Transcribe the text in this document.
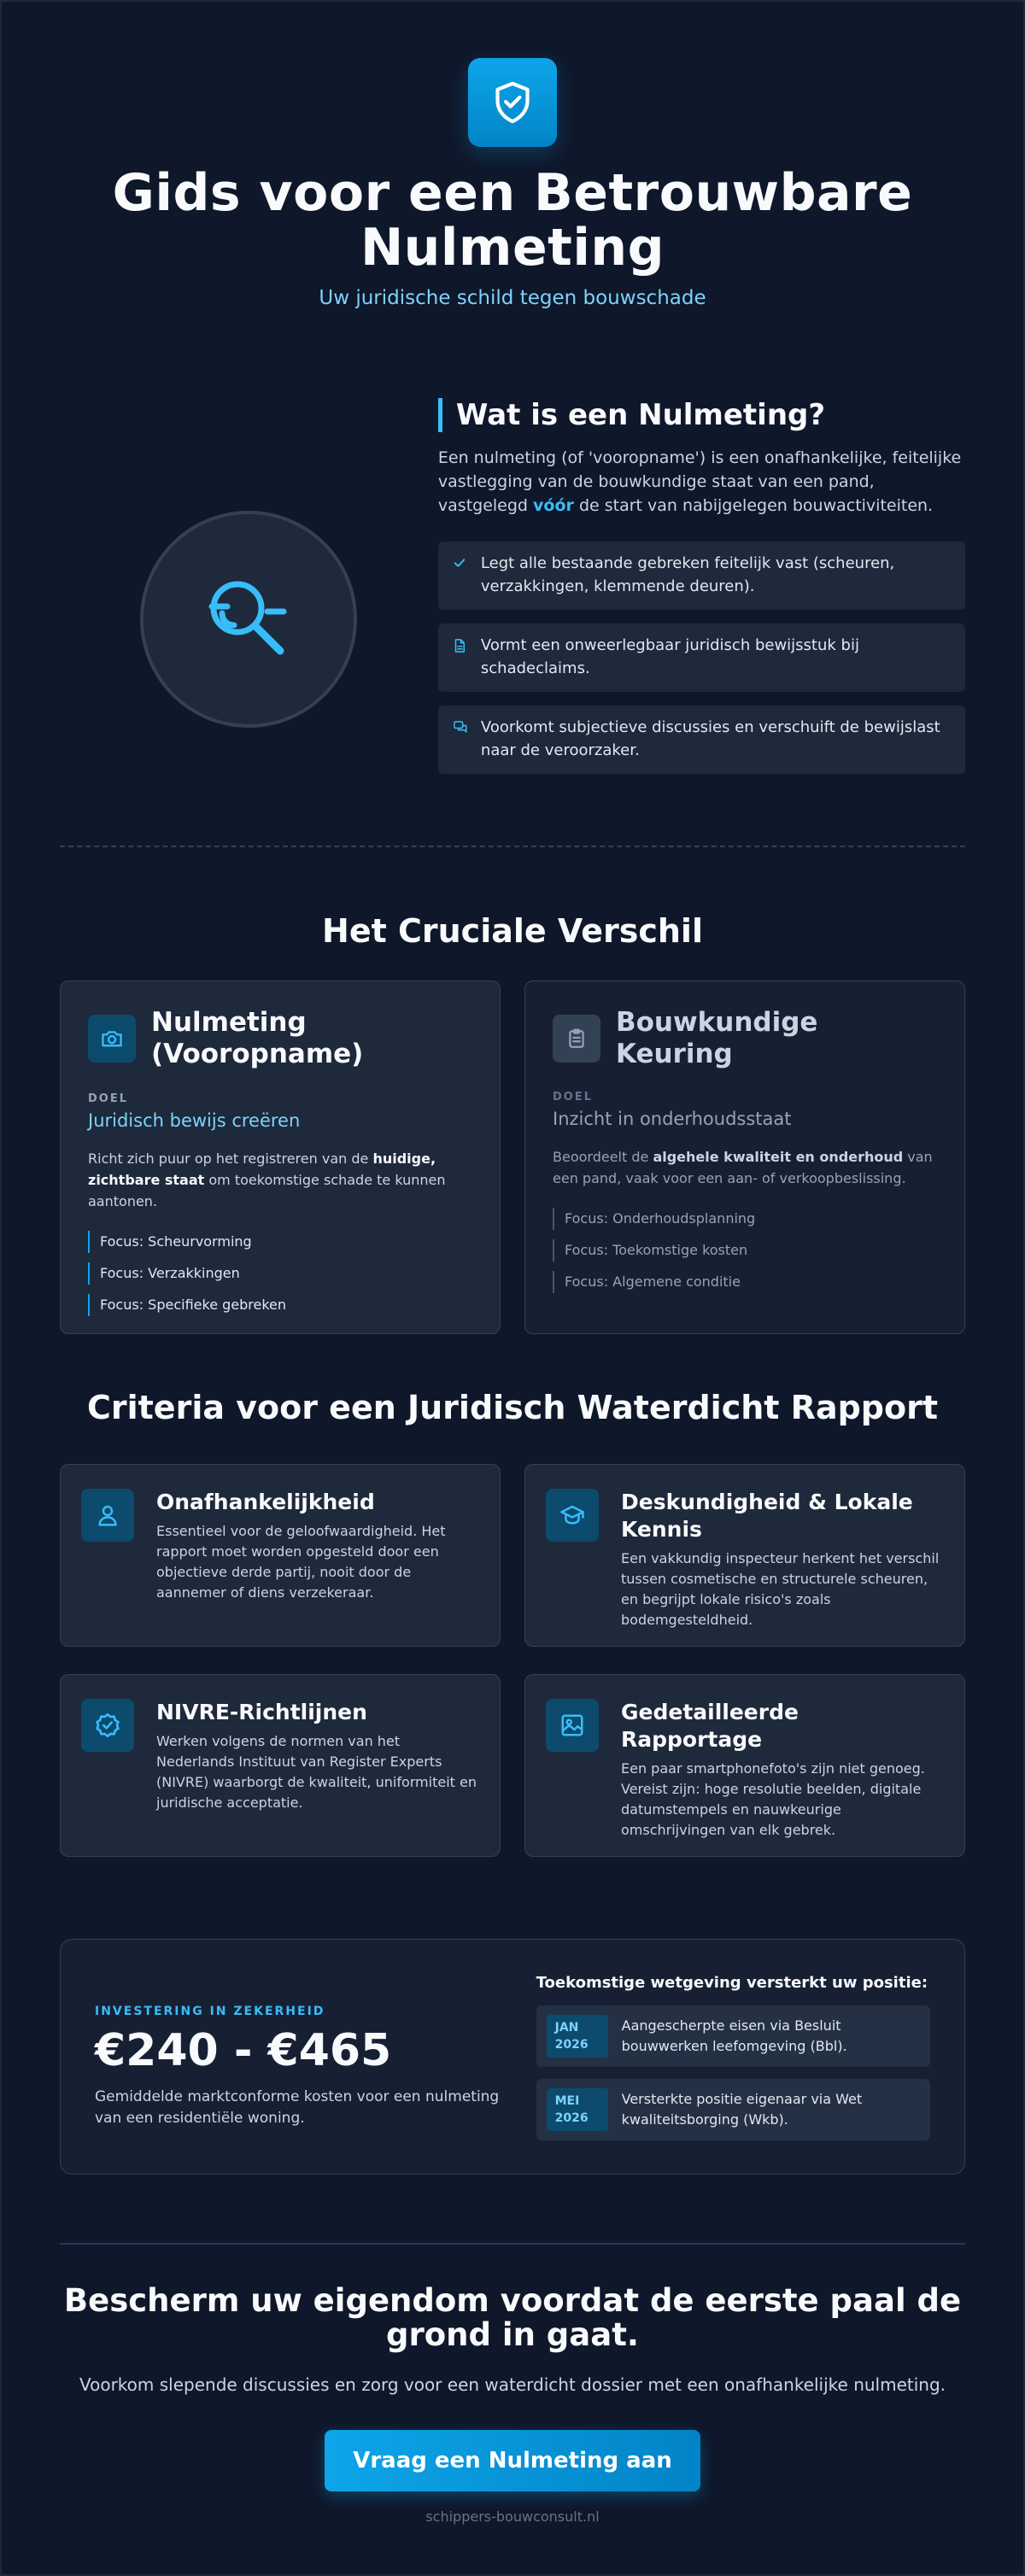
Gids voor een Betrouwbare Nulmeting

Uw juridische schild tegen bouwschade

Wat is een Nulmeting?

Een nulmeting (of 'vooropname') is een onafhankelijke, feitelijke vastlegging van de bouwkundige staat van een pand, vastgelegd vóór de start van nabijgelegen bouwactiviteiten.

Legt alle bestaande gebreken feitelijk vast (scheuren, verzakkingen, klemmende deuren).
Vormt een onweerlegbaar juridisch bewijsstuk bij schadeclaims.
Voorkomt subjectieve discussies en verschuift de bewijslast naar de veroorzaker.
Het Cruciale Verschil
Nulmeting (Vooropname)
DOEL
Juridisch bewijs creëren

Richt zich puur op het registreren van de huidige, zichtbare staat om toekomstige schade te kunnen aantonen.

Focus: Scheurvorming
Focus: Verzakkingen
Focus: Specifieke gebreken
Bouwkundige Keuring
DOEL
Inzicht in onderhoudsstaat

Beoordeelt de algehele kwaliteit en onderhoud van een pand, vaak voor een aan- of verkoopbeslissing.

Focus: Onderhoudsplanning
Focus: Toekomstige kosten
Focus: Algemene conditie
Criteria voor een Juridisch Waterdicht Rapport
Onafhankelijkheid

Essentieel voor de geloofwaardigheid. Het rapport moet worden opgesteld door een objectieve derde partij, nooit door de aannemer of diens verzekeraar.

Deskundigheid & Lokale Kennis

Een vakkundig inspecteur herkent het verschil tussen cosmetische en structurele scheuren, en begrijpt lokale risico's zoals bodemgesteldheid.

NIVRE-Richtlijnen

Werken volgens de normen van het Nederlands Instituut van Register Experts (NIVRE) waarborgt de kwaliteit, uniformiteit en juridische acceptatie.

Gedetailleerde Rapportage

Een paar smartphonefoto's zijn niet genoeg. Vereist zijn: hoge resolutie beelden, digitale datumstempels en nauwkeurige omschrijvingen van elk gebrek.

INVESTERING IN ZEKERHEID
€240 - €465

Gemiddelde marktconforme kosten voor een nulmeting van een residentiële woning.

Toekomstige wetgeving versterkt uw positie:
JAN
2026
Aangescherpte eisen via Besluit bouwwerken leefomgeving (Bbl).
MEI
2026
Versterkte positie eigenaar via Wet kwaliteitsborging (Wkb).
Bescherm uw eigendom voordat de eerste paal de grond in gaat.

Voorkom slepende discussies en zorg voor een waterdicht dossier met een onafhankelijke nulmeting.

Vraag een Nulmeting aan
schippers-bouwconsult.nl
